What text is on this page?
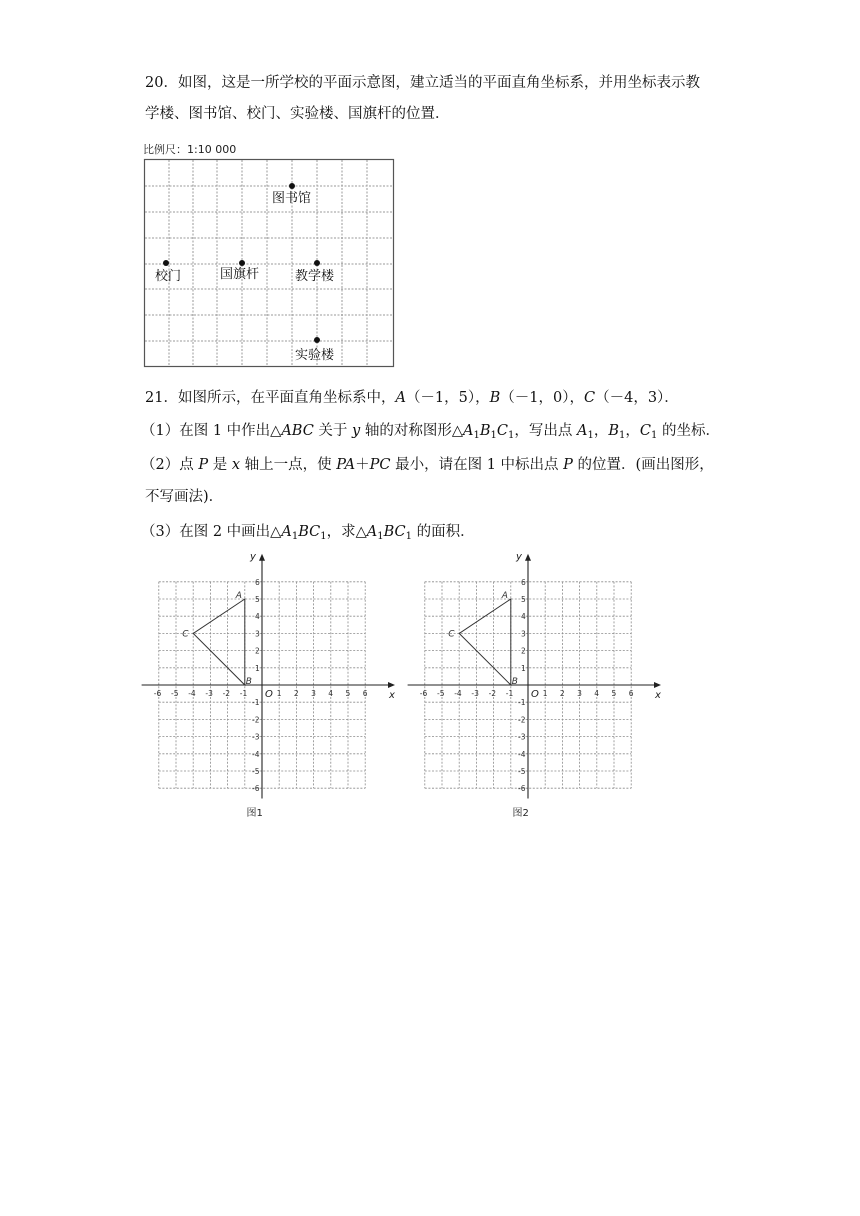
20．如图，这是一所学校的平面示意图，建立适当的平面直角坐标系，并用坐标表示教
学楼、图书馆、校门、实验楼、国旗杆的位置．
比例尺：1:10 000
图书馆
校门	国旗杆	教学楼
实验楼
21．如图所示，在平面直角坐标系中，A（－1，5），B（－1，0），C（－4，3）．
（1）在图 1 中作出△ABC 关于 y 轴的对称图形$\triangle A_1B_1C_1$，写出点 $A_1$，$B_1$，$C_1$ 的坐标．
（2）点 P 是 x 轴上一点，使 PA＋PC 最小，请在图 1 中标出点 P 的位置．(画出图形，
不写画法)．
（3）在图 2 中画出$\triangle A_1BC_1$，求$\triangle A_1BC_1$ 的面积．
x
y
O
-6 -5 -4 -3 -2 -1	1 2 3 4 5 6
6
5
4
3
2
1
-1
-2
-3
-4
-5
-6
A
B
C
图1
x
y
O
-6 -5 -4 -3 -2 -1	1 2 3 4 5 6
6
5
4
3
2
1
-1
-2
-3
-4
-5
-6
A
B
C
图2
